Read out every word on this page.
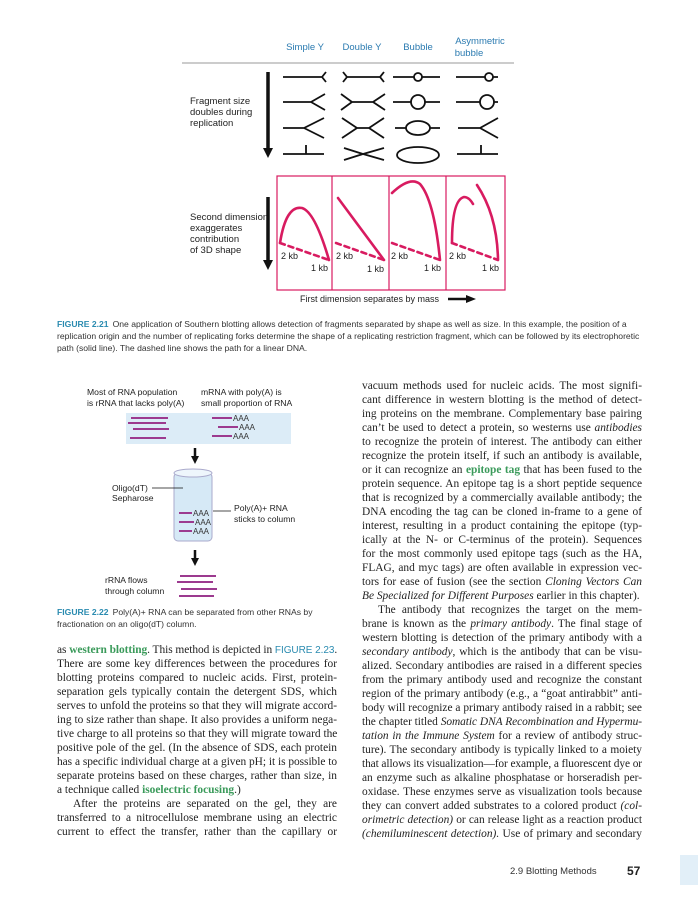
Simple Y Double Y Bubble
Asymmetric
bubble
Fragment size
doubles during
replication
Second dimension
exaggerates
contribution
of 3D shape	2 kb
1 kb
2 kb
1 kb
2 kb
1 kb
2 kb
1 kb
First dimension separates by mass
FIGURE 2.21 One application of Southern blotting allows detection of fragments separated by shape as well as size. In this example, the position of a replication origin and the number of replicating forks determine the shape of a replicating restriction fragment, which can be followed by its electrophoretic path (solid line). The dashed line shows the path for a linear DNA.
Most of RNA population
is rRNA that lacks poly(A)
mRNA with poly(A) is
small proportion of RNA
AAA
AAA
AAA
AAA
AAA
AAA
Oligo(dT)
Sepharose
Poly(A)+ RNA
sticks to column
rRNA flows
through column
FIGURE 2.22 Poly(A)+ RNA can be separated from other RNAs by fractionation on an oligo(dT) column.
as western blotting. This method is depicted in FIGURE 2.23.
There are some key differences between the procedures for
blotting proteins compared to nucleic acids. First, protein-
separation gels typically contain the detergent SDS, which
serves to unfold the proteins so that they will migrate accord-
ing to size rather than shape. It also provides a uniform nega-
tive charge to all proteins so that they will migrate toward the
positive pole of the gel. (In the absence of SDS, each protein
has a specific individual charge at a given pH; it is possible to
separate proteins based on these charges, rather than size, in
a technique called isoelectric focusing.)
After the proteins are separated on the gel, they are
transferred to a nitrocellulose membrane using an electric
current to effect the transfer, rather than the capillary or
vacuum methods used for nucleic acids. The most signifi-
cant difference in western blotting is the method of detect-
ing proteins on the membrane. Complementary base pairing
can’t be used to detect a protein, so westerns use antibodies
to recognize the protein of interest. The antibody can either
recognize the protein itself, if such an antibody is available,
or it can recognize an epitope tag that has been fused to the
protein sequence. An epitope tag is a short peptide sequence
that is recognized by a commercially available antibody; the
DNA encoding the tag can be cloned in-frame to a gene of
interest, resulting in a product containing the epitope (typ-
ically at the N- or C-terminus of the protein). Sequences
for the most commonly used epitope tags (such as the HA,
FLAG, and myc tags) are often available in expression vec-
tors for ease of fusion (see the section Cloning Vectors Can
Be Specialized for Different Purposes earlier in this chapter).
The antibody that recognizes the target on the mem-
brane is known as the primary antibody. The final stage of
western blotting is detection of the primary antibody with a
secondary antibody, which is the antibody that can be visu-
alized. Secondary antibodies are raised in a different species
from the primary antibody used and recognize the constant
region of the primary antibody (e.g., a “goat antirabbit” anti-
body will recognize a primary antibody raised in a rabbit; see
the chapter titled Somatic DNA Recombination and Hypermu-
tation in the Immune System for a review of antibody struc-
ture). The secondary antibody is typically linked to a moiety
that allows its visualization—for example, a fluorescent dye or
an enzyme such as alkaline phosphatase or horseradish per-
oxidase. These enzymes serve as visualization tools because
they can convert added substrates to a colored product (col-
orimetric detection) or can release light as a reaction product
(chemiluminescent detection). Use of primary and secondary
2.9 Blotting Methods	57
